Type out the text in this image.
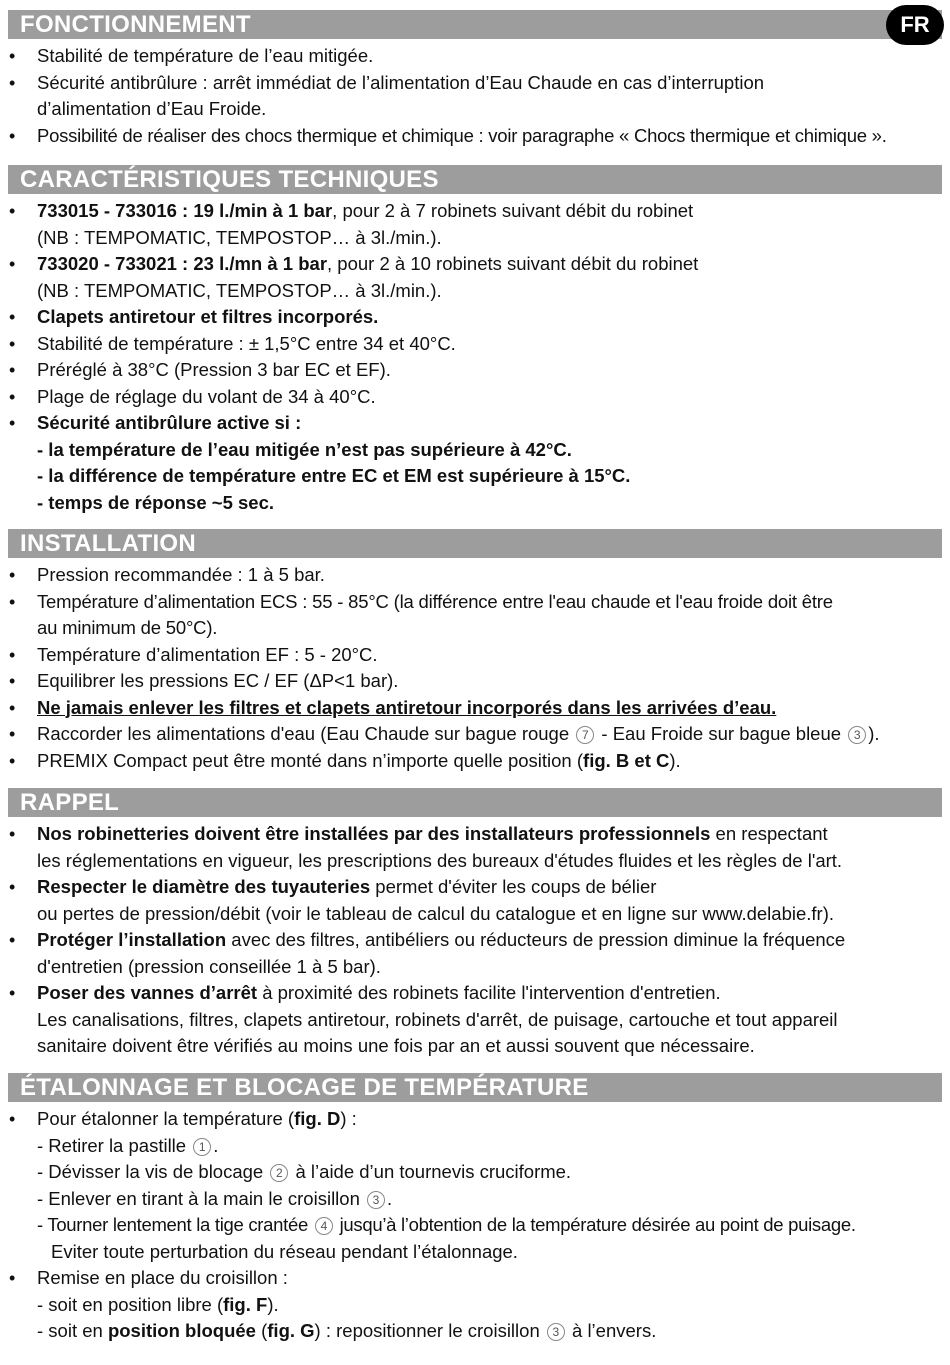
FR
FONCTIONNEMENT
• Stabilité de température de l’eau mitigée.
• Sécurité antibrûlure : arrêt immédiat de l’alimentation d’Eau Chaude en cas d’interruption
d’alimentation d’Eau Froide.
• Possibilité de réaliser des chocs thermique et chimique : voir paragraphe « Chocs thermique et chimique ».
CARACTÉRISTIQUES TECHNIQUES
• 733015 - 733016 : 19 l./min à 1 bar, pour 2 à 7 robinets suivant débit du robinet
(NB : TEMPOMATIC, TEMPOSTOP… à 3l./min.).
• 733020 - 733021 : 23 l./mn à 1 bar, pour 2 à 10 robinets suivant débit du robinet
(NB : TEMPOMATIC, TEMPOSTOP… à 3l./min.).
• Clapets antiretour et filtres incorporés.
• Stabilité de température : ± 1,5°C entre 34 et 40°C.
• Préréglé à 38°C (Pression 3 bar EC et EF).
• Plage de réglage du volant de 34 à 40°C.
• Sécurité antibrûlure active si :
- la température de l’eau mitigée n’est pas supérieure à 42°C.
- la différence de température entre EC et EM est supérieure à 15°C.
- temps de réponse ~5 sec.
INSTALLATION
• Pression recommandée : 1 à 5 bar.
• Température d’alimentation ECS : 55 - 85°C (la différence entre l'eau chaude et l'eau froide doit être
au minimum de 50°C).
• Température d’alimentation EF : 5 - 20°C.
• Equilibrer les pressions EC / EF (ΔP<1 bar).
• Ne jamais enlever les filtres et clapets antiretour incorporés dans les arrivées d’eau.
• Raccorder les alimentations d'eau (Eau Chaude sur bague rouge 7 - Eau Froide sur bague bleue 3 ).
• PREMIX Compact peut être monté dans n’importe quelle position (fig. B et C).
RAPPEL
• Nos robinetteries doivent être installées par des installateurs professionnels en respectant
les réglementations en vigueur, les prescriptions des bureaux d'études fluides et les règles de l'art.
• Respecter le diamètre des tuyauteries permet d'éviter les coups de bélier
ou pertes de pression/débit (voir le tableau de calcul du catalogue et en ligne sur www.delabie.fr).
• Protéger l’installation avec des filtres, antibéliers ou réducteurs de pression diminue la fréquence
d'entretien (pression conseillée 1 à 5 bar).
• Poser des vannes d’arrêt à proximité des robinets facilite l'intervention d'entretien.
Les canalisations, filtres, clapets antiretour, robinets d'arrêt, de puisage, cartouche et tout appareil
sanitaire doivent être vérifiés au moins une fois par an et aussi souvent que nécessaire.
ÉTALONNAGE ET BLOCAGE DE TEMPÉRATURE
• Pour étalonner la température (fig. D) :
- Retirer la pastille 1 .
- Dévisser la vis de blocage 2 à l’aide d’un tournevis cruciforme.
- Enlever en tirant à la main le croisillon 3 .
- Tourner lentement la tige crantée 4 jusqu’à l’obtention de la température désirée au point de puisage.
Eviter toute perturbation du réseau pendant l’étalonnage.
• Remise en place du croisillon :
- soit en position libre (fig. F).
- soit en position bloquée (fig. G) : repositionner le croisillon 3 à l’envers.
